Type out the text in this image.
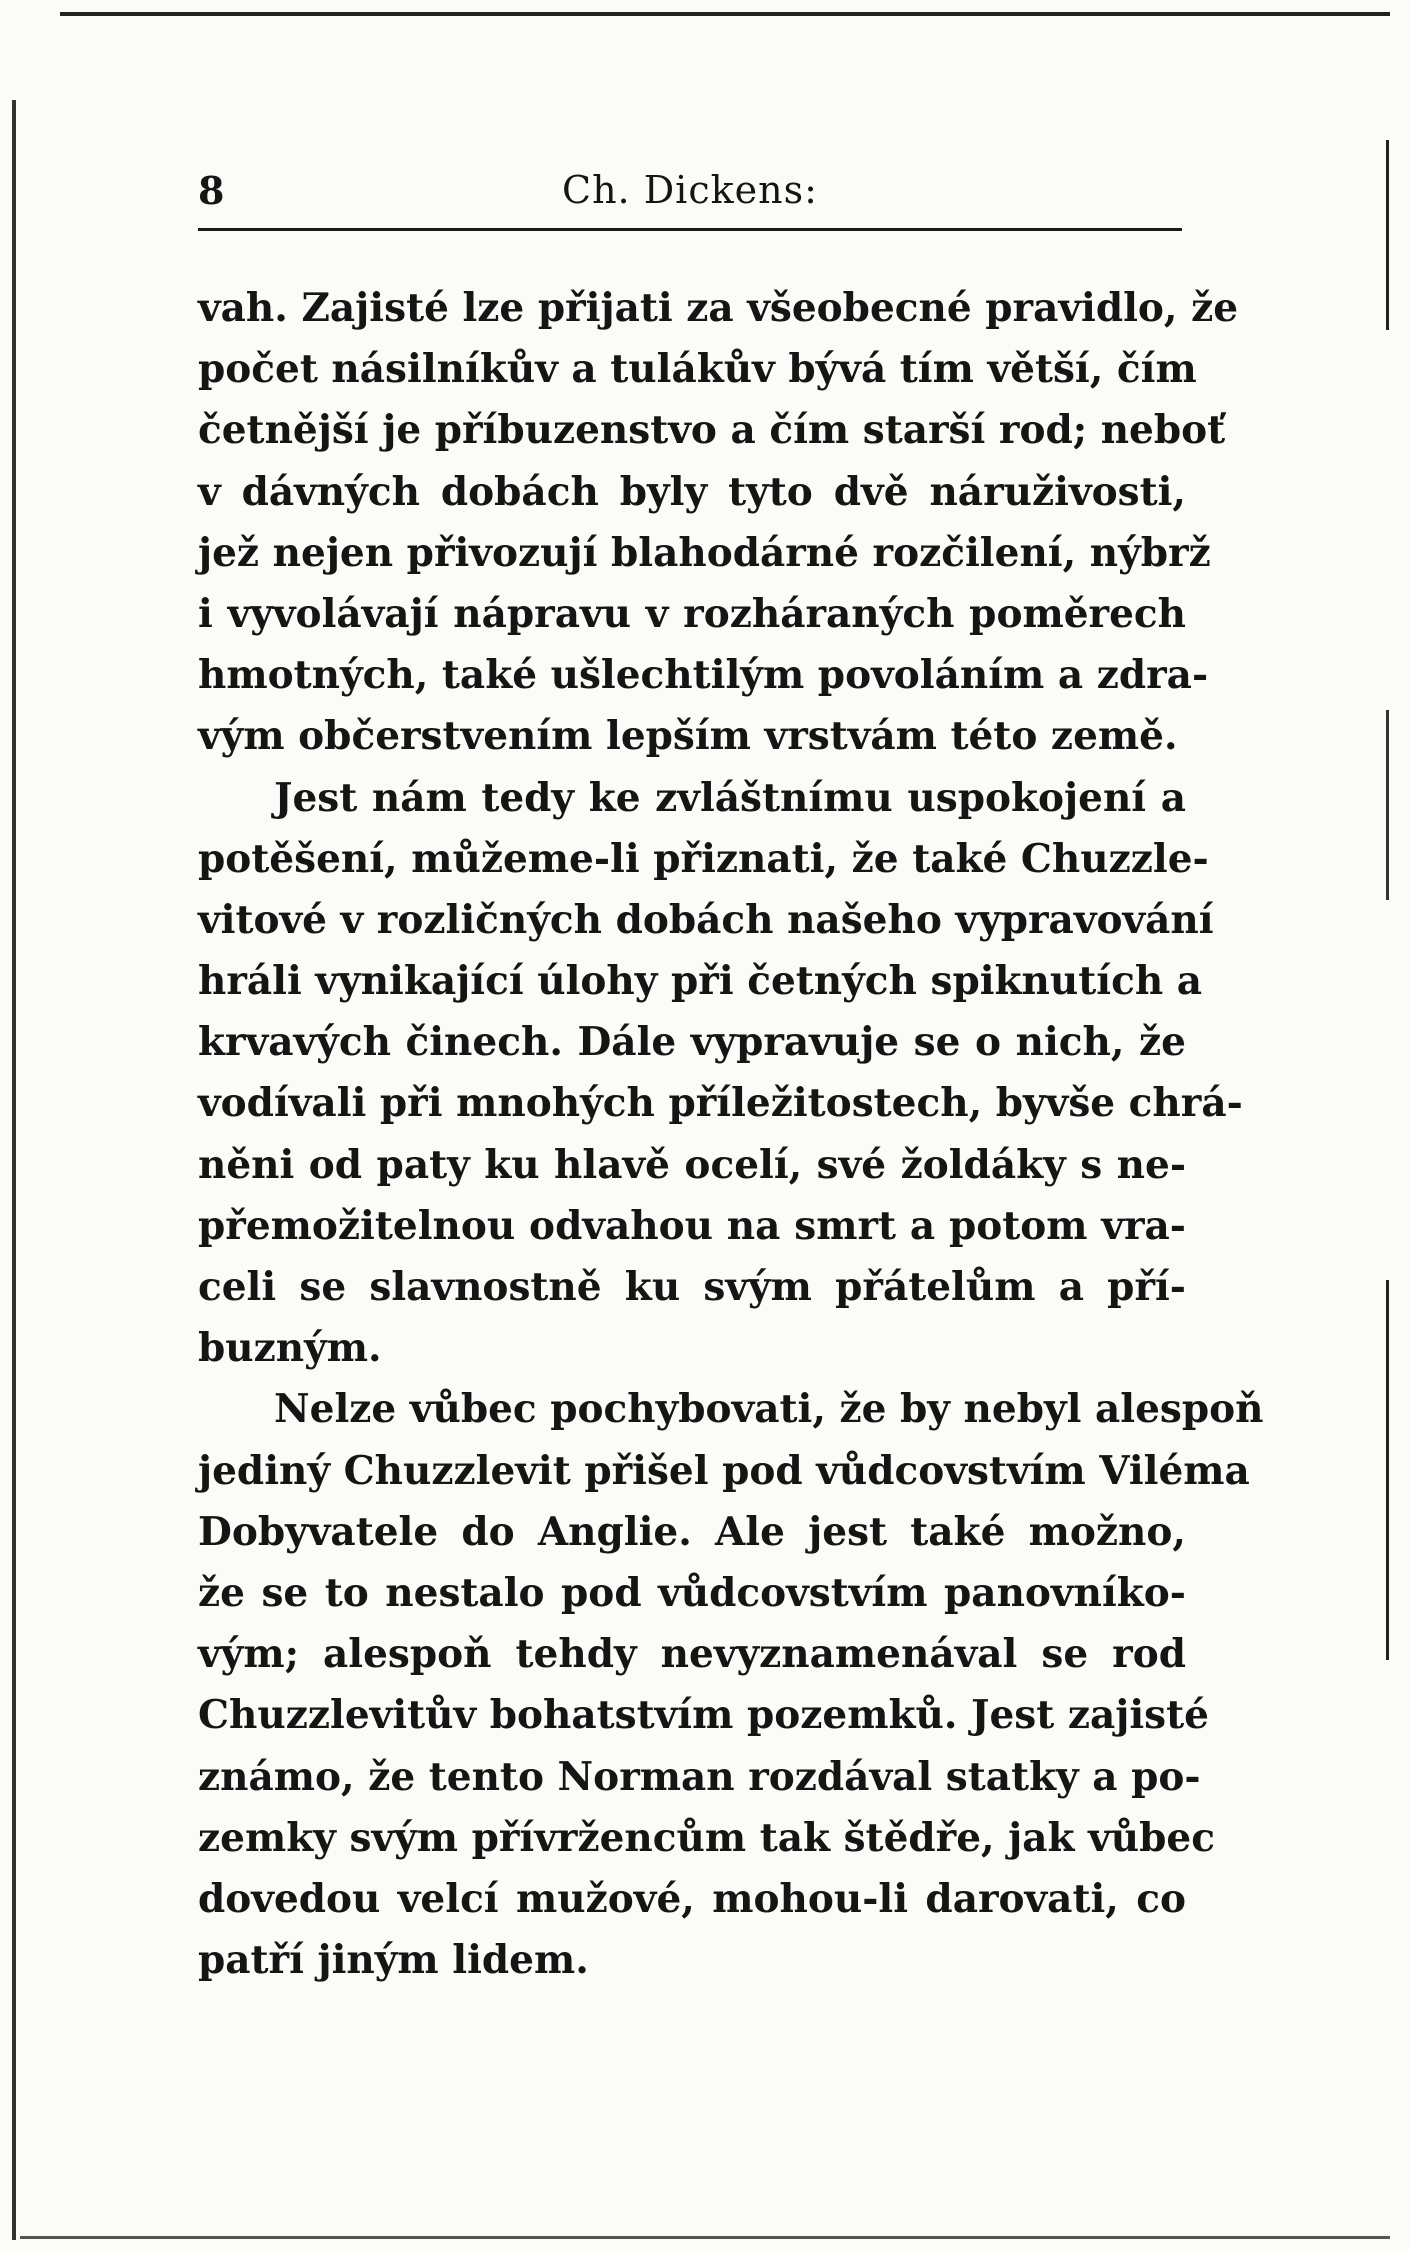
8	Ch. Dickens:
vah. Zajisté lze přijati za všeobecné pravidlo, že
počet násilníkův a tulákův bývá tím větší, čím
četnější je příbuzenstvo a čím starší rod; neboť
v dávných dobách byly tyto dvě náruživosti,
jež nejen přivozují blahodárné rozčilení, nýbrž
i vyvolávají nápravu v rozháraných poměrech
hmotných, také ušlechtilým povoláním a zdra-
vým občerstvením lepším vrstvám této země.
Jest nám tedy ke zvláštnímu uspokojení a
potěšení, můžeme-li přiznati, že také Chuzzle-
vitové v rozličných dobách našeho vypravování
hráli vynikající úlohy při četných spiknutích a
krvavých činech. Dále vypravuje se o nich, že
vodívali při mnohých příležitostech, byvše chrá-
něni od paty ku hlavě ocelí, své žoldáky s ne-
přemožitelnou odvahou na smrt a potom vra-
celi se slavnostně ku svým přátelům a pří-
buzným.
Nelze vůbec pochybovati, že by nebyl alespoň
jediný Chuzzlevit přišel pod vůdcovstvím Viléma
Dobyvatele do Anglie. Ale jest také možno,
že se to nestalo pod vůdcovstvím panovníko-
vým; alespoň tehdy nevyznamenával se rod
Chuzzlevitův bohatstvím pozemků. Jest zajisté
známo, že tento Norman rozdával statky a po-
zemky svým přívržencům tak štědře, jak vůbec
dovedou velcí mužové, mohou-li darovati, co
patří jiným lidem.
